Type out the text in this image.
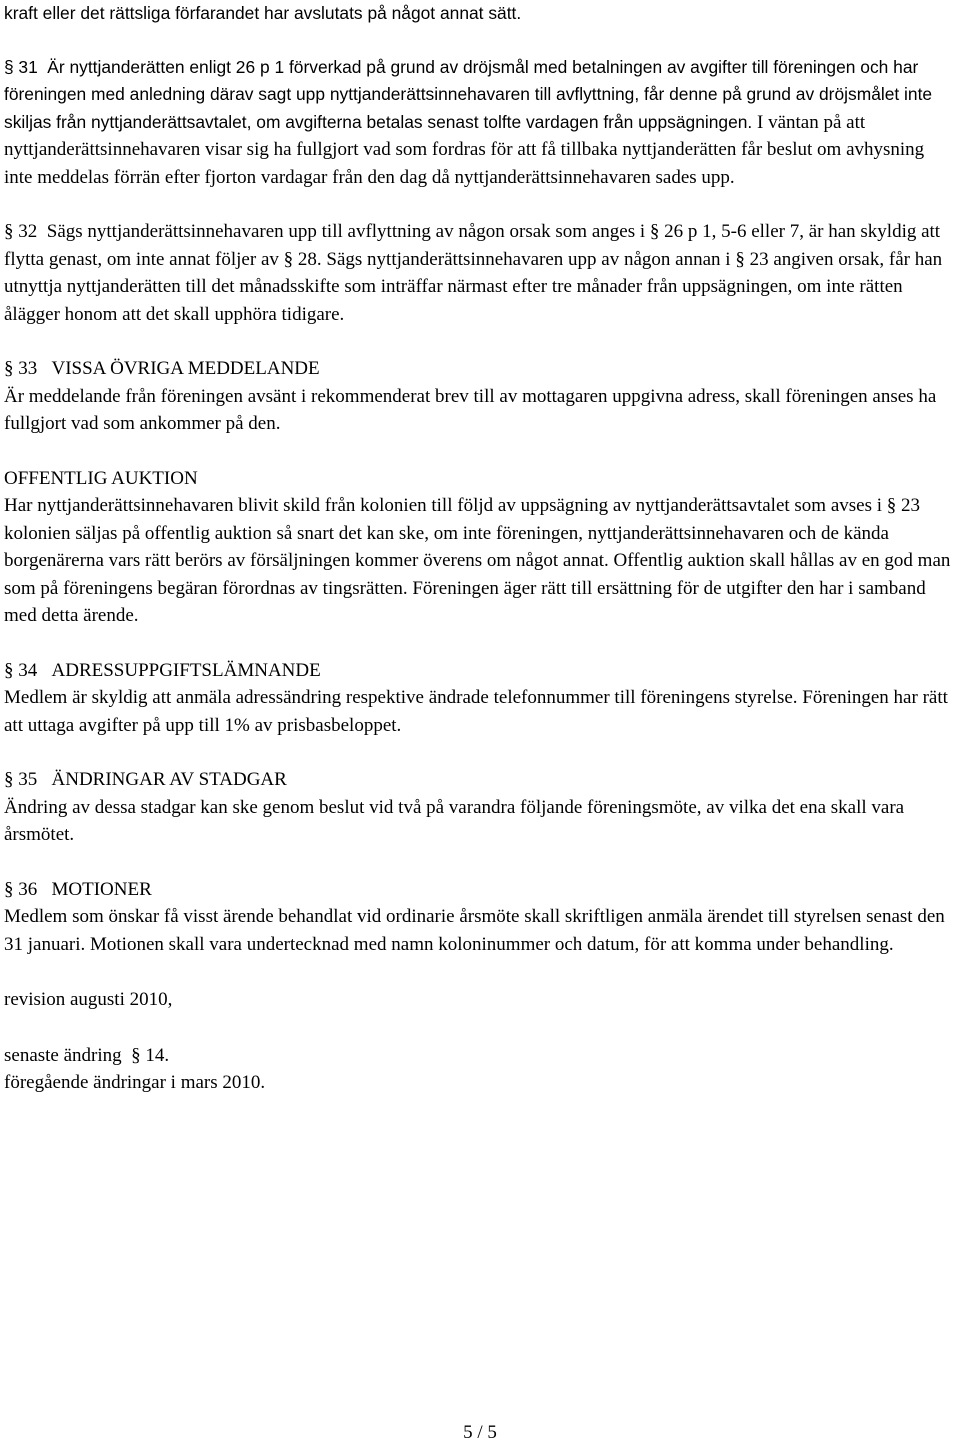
kraft eller det rättsliga förfarandet har avslutats på något annat sätt.

§ 31 Är nyttjanderätten enligt 26 p 1 förverkad på grund av dröjsmål med betalningen av avgifter till föreningen och har föreningen med anledning därav sagt upp nyttjanderättsinnehavaren till avflyttning, får denne på grund av dröjsmålet inte skiljas från nyttjanderättsavtalet, om avgifterna betalas senast tolfte vardagen från uppsägningen. I väntan på att nyttjanderättsinnehavaren visar sig ha fullgjort vad som fordras för att få tillbaka nyttjanderätten får beslut om avhysning inte meddelas förrän efter fjorton vardagar från den dag då nyttjanderättsinnehavaren sades upp.

§ 32 Sägs nyttjanderättsinnehavaren upp till avflyttning av någon orsak som anges i § 26 p 1, 5-6 eller 7, är han skyldig att flytta genast, om inte annat följer av § 28. Sägs nyttjanderättsinnehavaren upp av någon annan i § 23 angiven orsak, får han utnyttja nyttjanderätten till det månadsskifte som inträffar närmast efter tre månader från uppsägningen, om inte rätten ålägger honom att det skall upphöra tidigare.

§ 33 VISSA ÖVRIGA MEDDELANDE

Är meddelande från föreningen avsänt i rekommenderat brev till av mottagaren uppgivna adress, skall föreningen anses ha fullgjort vad som ankommer på den.

OFFENTLIG AUKTION

Har nyttjanderättsinnehavaren blivit skild från kolonien till följd av uppsägning av nyttjanderättsavtalet som avses i § 23 kolonien säljas på offentlig auktion så snart det kan ske, om inte föreningen, nyttjanderättsinnehavaren och de kända borgenärerna vars rätt berörs av försäljningen kommer överens om något annat. Offentlig auktion skall hållas av en god man som på föreningens begäran förordnas av tingsrätten. Föreningen äger rätt till ersättning för de utgifter den har i samband med detta ärende.

§ 34 ADRESSUPPGIFTSLÄMNANDE

Medlem är skyldig att anmäla adressändring respektive ändrade telefonnummer till föreningens styrelse. Föreningen har rätt att uttaga avgifter på upp till 1% av prisbasbeloppet.

§ 35 ÄNDRINGAR AV STADGAR

Ändring av dessa stadgar kan ske genom beslut vid två på varandra följande föreningsmöte, av vilka det ena skall vara årsmötet.

§ 36 MOTIONER

Medlem som önskar få visst ärende behandlat vid ordinarie årsmöte skall skriftligen anmäla ärendet till styrelsen senast den 31 januari. Motionen skall vara undertecknad med namn koloninummer och datum, för att komma under behandling.

revision augusti 2010,

senaste ändring § 14.

föregående ändringar i mars 2010.

5 / 5
